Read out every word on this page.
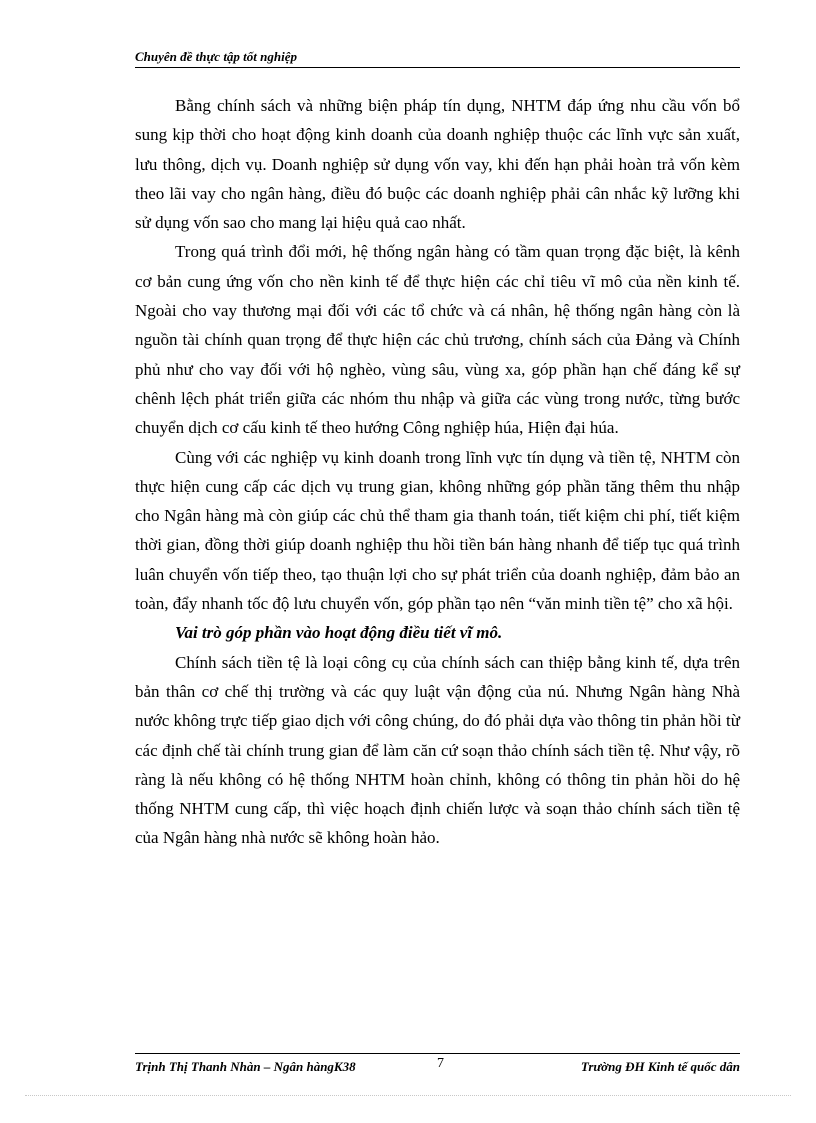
Chuyên đề thực tập tốt nghiệp

Bằng chính sách và những biện pháp tín dụng, NHTM đáp ứng nhu cầu vốn bổ sung kịp thời cho hoạt động kinh doanh của doanh nghiệp thuộc các lĩnh vực sản xuất, lưu thông, dịch vụ. Doanh nghiệp sử dụng vốn vay, khi đến hạn phải hoàn trả vốn kèm theo lãi vay cho ngân hàng, điều đó buộc các doanh nghiệp phải cân nhắc kỹ lưỡng khi sử dụng vốn sao cho mang lại hiệu quả cao nhất.

Trong quá trình đổi mới, hệ thống ngân hàng có tầm quan trọng đặc biệt, là kênh cơ bản cung ứng vốn cho nền kinh tế để thực hiện các chỉ tiêu vĩ mô của nền kinh tế. Ngoài cho vay thương mại đối với các tổ chức và cá nhân, hệ thống ngân hàng còn là nguồn tài chính quan trọng để thực hiện các chủ trương, chính sách của Đảng và Chính phủ như cho vay đối với hộ nghèo, vùng sâu, vùng xa, góp phần hạn chế đáng kể sự chênh lệch phát triển giữa các nhóm thu nhập và giữa các vùng trong nước, từng bước chuyển dịch cơ cấu kinh tế theo hướng Công nghiệp húa, Hiện đại húa.

Cùng với các nghiệp vụ kinh doanh trong lĩnh vực tín dụng và tiền tệ, NHTM còn thực hiện cung cấp các dịch vụ trung gian, không những góp phần tăng thêm thu nhập cho Ngân hàng mà còn giúp các chủ thể tham gia thanh toán, tiết kiệm chi phí, tiết kiệm thời gian, đồng thời giúp doanh nghiệp thu hồi tiền bán hàng nhanh để tiếp tục quá trình luân chuyển vốn tiếp theo, tạo thuận lợi cho sự phát triển của doanh nghiệp, đảm bảo an toàn, đẩy nhanh tốc độ lưu chuyển vốn, góp phần tạo nên “văn minh tiền tệ” cho xã hội.

Vai trò góp phần vào hoạt động điều tiết vĩ mô.

Chính sách tiền tệ là loại công cụ của chính sách can thiệp bằng kinh tế, dựa trên bản thân cơ chế thị trường và các quy luật vận động của nú. Nhưng Ngân hàng Nhà nước không trực tiếp giao dịch với công chúng, do đó phải dựa vào thông tin phản hồi từ các định chế tài chính trung gian để làm căn cứ soạn thảo chính sách tiền tệ. Như vậy, rõ ràng là nếu không có hệ thống NHTM hoàn chỉnh, không có thông tin phản hồi do hệ thống NHTM cung cấp, thì việc hoạch định chiến lược và soạn thảo chính sách tiền tệ của Ngân hàng nhà nước sẽ không hoàn hảo.

Trịnh Thị Thanh Nhàn – Ngân hàngK38	7	Trường ĐH Kinh tế quốc dân
